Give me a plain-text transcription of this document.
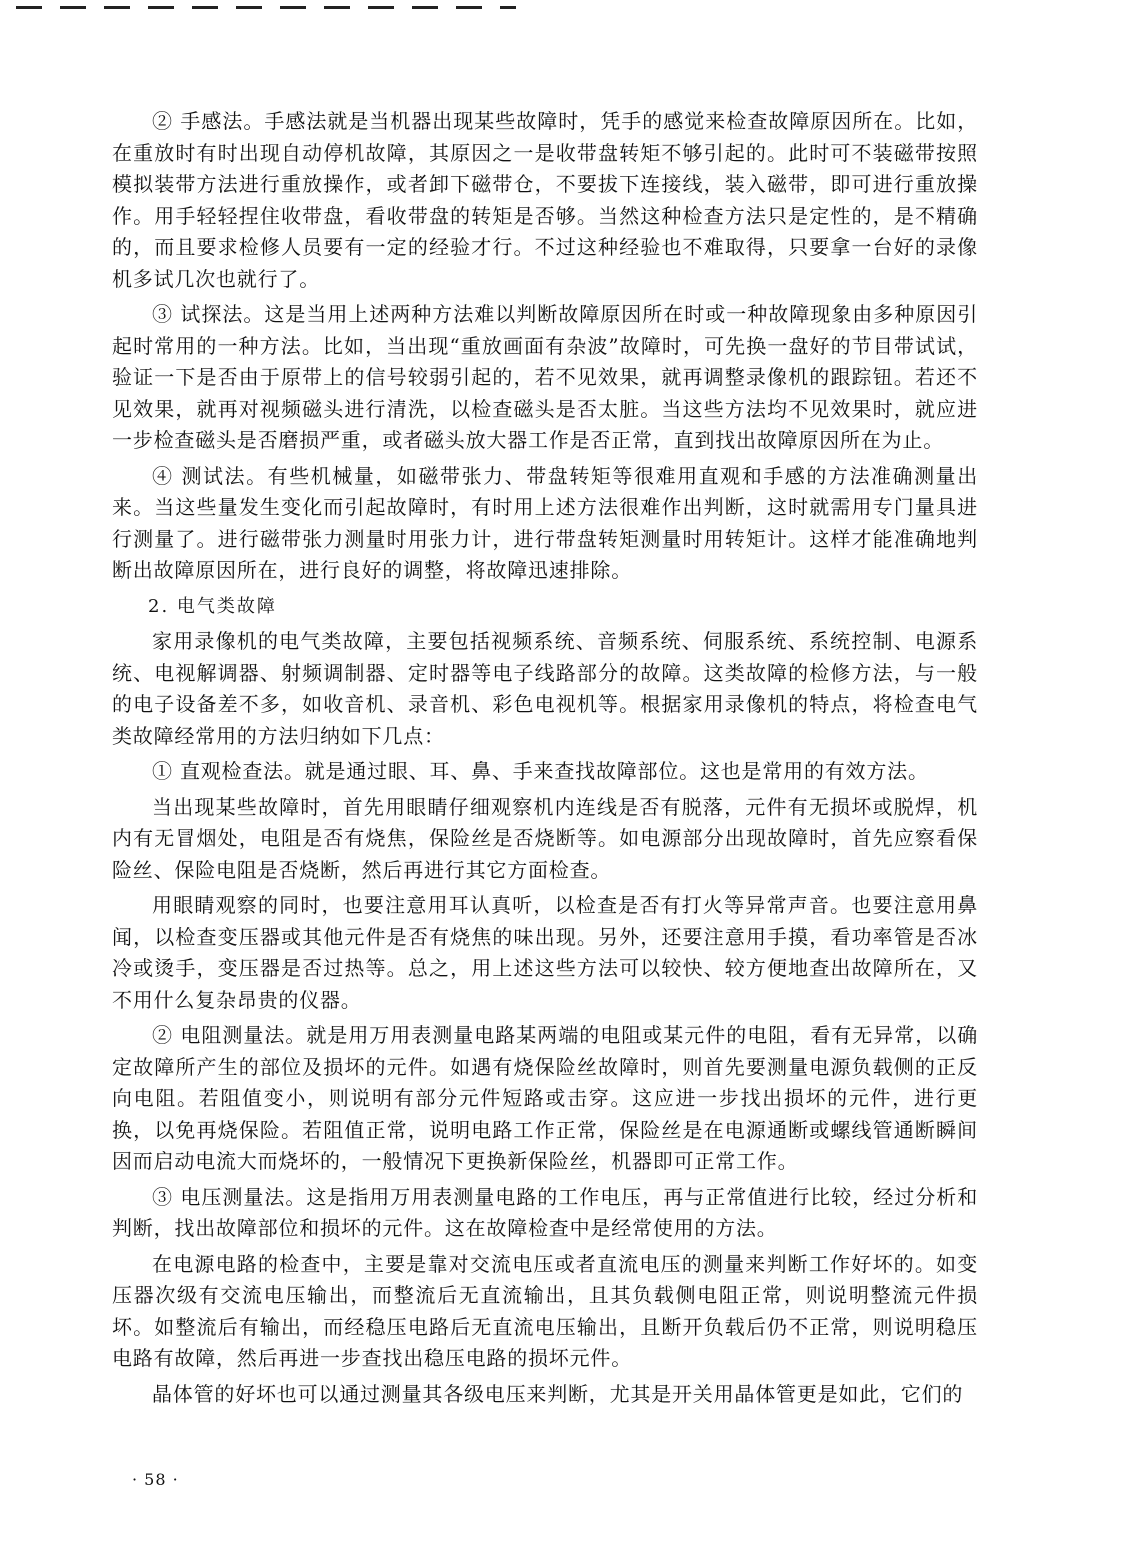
② 手感法。手感法就是当机器出现某些故障时，凭手的感觉来检查故障原因所在。比如，在重放时有时出现自动停机故障，其原因之一是收带盘转矩不够引起的。此时可不装磁带按照模拟装带方法进行重放操作，或者卸下磁带仓，不要拔下连接线，装入磁带，即可进行重放操作。用手轻轻捏住收带盘，看收带盘的转矩是否够。当然这种检查方法只是定性的，是不精确的，而且要求检修人员要有一定的经验才行。不过这种经验也不难取得，只要拿一台好的录像机多试几次也就行了。

③ 试探法。这是当用上述两种方法难以判断故障原因所在时或一种故障现象由多种原因引起时常用的一种方法。比如，当出现“重放画面有杂波”故障时，可先换一盘好的节目带试试，验证一下是否由于原带上的信号较弱引起的，若不见效果，就再调整录像机的跟踪钮。若还不见效果，就再对视频磁头进行清洗，以检查磁头是否太脏。当这些方法均不见效果时，就应进一步检查磁头是否磨损严重，或者磁头放大器工作是否正常，直到找出故障原因所在为止。

④ 测试法。有些机械量，如磁带张力、带盘转矩等很难用直观和手感的方法准确测量出来。当这些量发生变化而引起故障时，有时用上述方法很难作出判断，这时就需用专门量具进行测量了。进行磁带张力测量时用张力计，进行带盘转矩测量时用转矩计。这样才能准确地判断出故障原因所在，进行良好的调整，将故障迅速排除。

2. 电气类故障

家用录像机的电气类故障，主要包括视频系统、音频系统、伺服系统、系统控制、电源系统、电视解调器、射频调制器、定时器等电子线路部分的故障。这类故障的检修方法，与一般的电子设备差不多，如收音机、录音机、彩色电视机等。根据家用录像机的特点，将检查电气类故障经常用的方法归纳如下几点：

① 直观检查法。就是通过眼、耳、鼻、手来查找故障部位。这也是常用的有效方法。

当出现某些故障时，首先用眼睛仔细观察机内连线是否有脱落，元件有无损坏或脱焊，机内有无冒烟处，电阻是否有烧焦，保险丝是否烧断等。如电源部分出现故障时，首先应察看保险丝、保险电阻是否烧断，然后再进行其它方面检查。

用眼睛观察的同时，也要注意用耳认真听，以检查是否有打火等异常声音。也要注意用鼻闻，以检查变压器或其他元件是否有烧焦的味出现。另外，还要注意用手摸，看功率管是否冰冷或烫手，变压器是否过热等。总之，用上述这些方法可以较快、较方便地查出故障所在，又不用什么复杂昂贵的仪器。

② 电阻测量法。就是用万用表测量电路某两端的电阻或某元件的电阻，看有无异常，以确定故障所产生的部位及损坏的元件。如遇有烧保险丝故障时，则首先要测量电源负载侧的正反向电阻。若阻值变小，则说明有部分元件短路或击穿。这应进一步找出损坏的元件，进行更换，以免再烧保险。若阻值正常，说明电路工作正常，保险丝是在电源通断或螺线管通断瞬间因而启动电流大而烧坏的，一般情况下更换新保险丝，机器即可正常工作。

③ 电压测量法。这是指用万用表测量电路的工作电压，再与正常值进行比较，经过分析和判断，找出故障部位和损坏的元件。这在故障检查中是经常使用的方法。

在电源电路的检查中，主要是靠对交流电压或者直流电压的测量来判断工作好坏的。如变压器次级有交流电压输出，而整流后无直流输出，且其负载侧电阻正常，则说明整流元件损坏。如整流后有输出，而经稳压电路后无直流电压输出，且断开负载后仍不正常，则说明稳压电路有故障，然后再进一步查找出稳压电路的损坏元件。

晶体管的好坏也可以通过测量其各级电压来判断，尤其是开关用晶体管更是如此，它们的

· 58 ·
